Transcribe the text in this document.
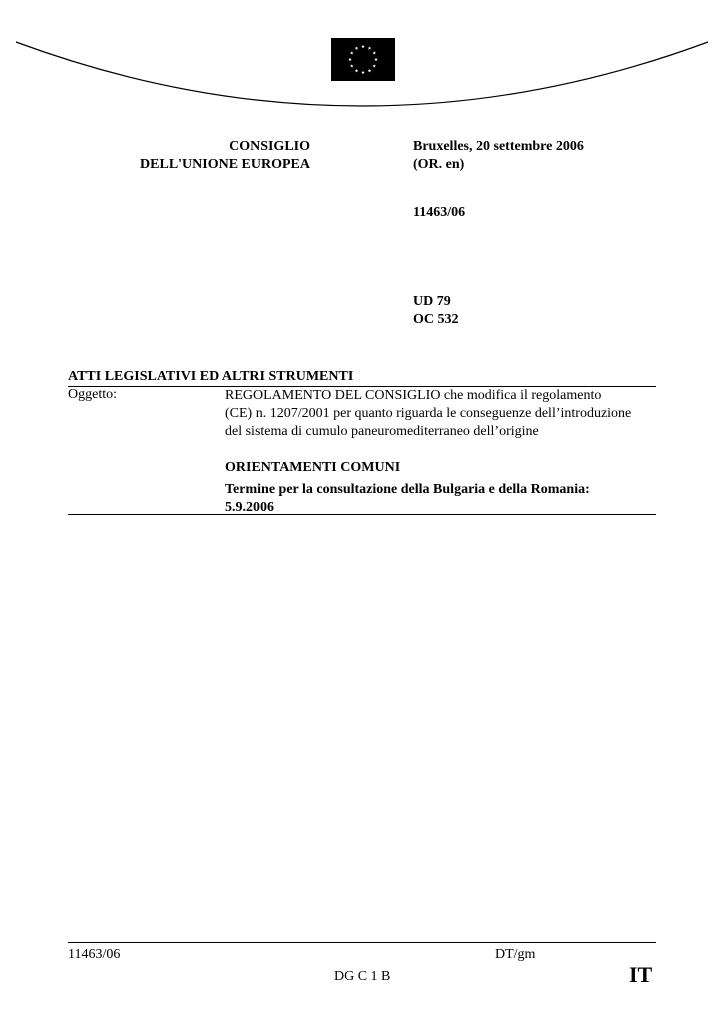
CONSIGLIO
DELL'UNIONE EUROPEA
Bruxelles, 20 settembre 2006
(OR. en)
11463/06
UD 79
OC 532
ATTI LEGISLATIVI ED ALTRI STRUMENTI
Oggetto:	REGOLAMENTO DEL CONSIGLIO che modifica il regolamento
(CE) n. 1207/2001 per quanto riguarda le conseguenze dell’introduzione
del sistema di cumulo paneuromediterraneo dell’origine
ORIENTAMENTI COMUNI
Termine per la consultazione della Bulgaria e della Romania:
5.9.2006
11463/06	DT/gm
DG C 1 B	IT
